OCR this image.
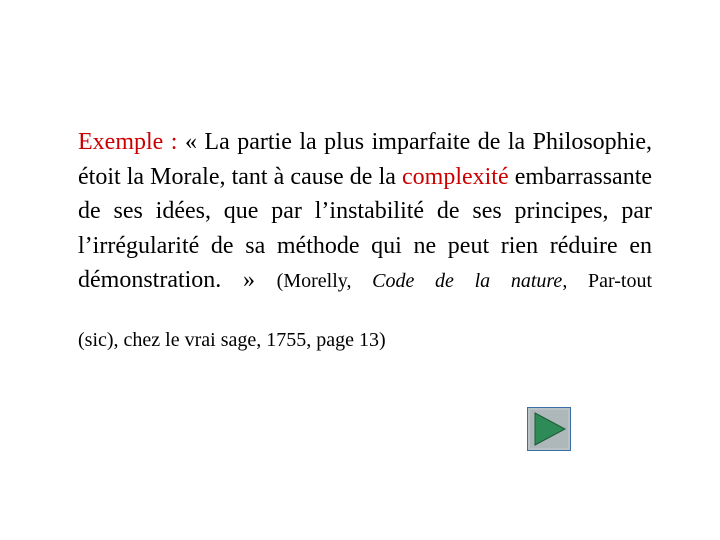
Exemple : « La partie la plus imparfaite de la Philosophie, étoit la Morale, tant à cause de la complexité embarrassante de ses idées, que par l’instabilité de ses principes, par l’irrégularité de sa méthode qui ne peut rien réduire en démonstration. » (Morelly, Code de la nature, Par-tout
(sic), chez le vrai sage, 1755, page 13)
